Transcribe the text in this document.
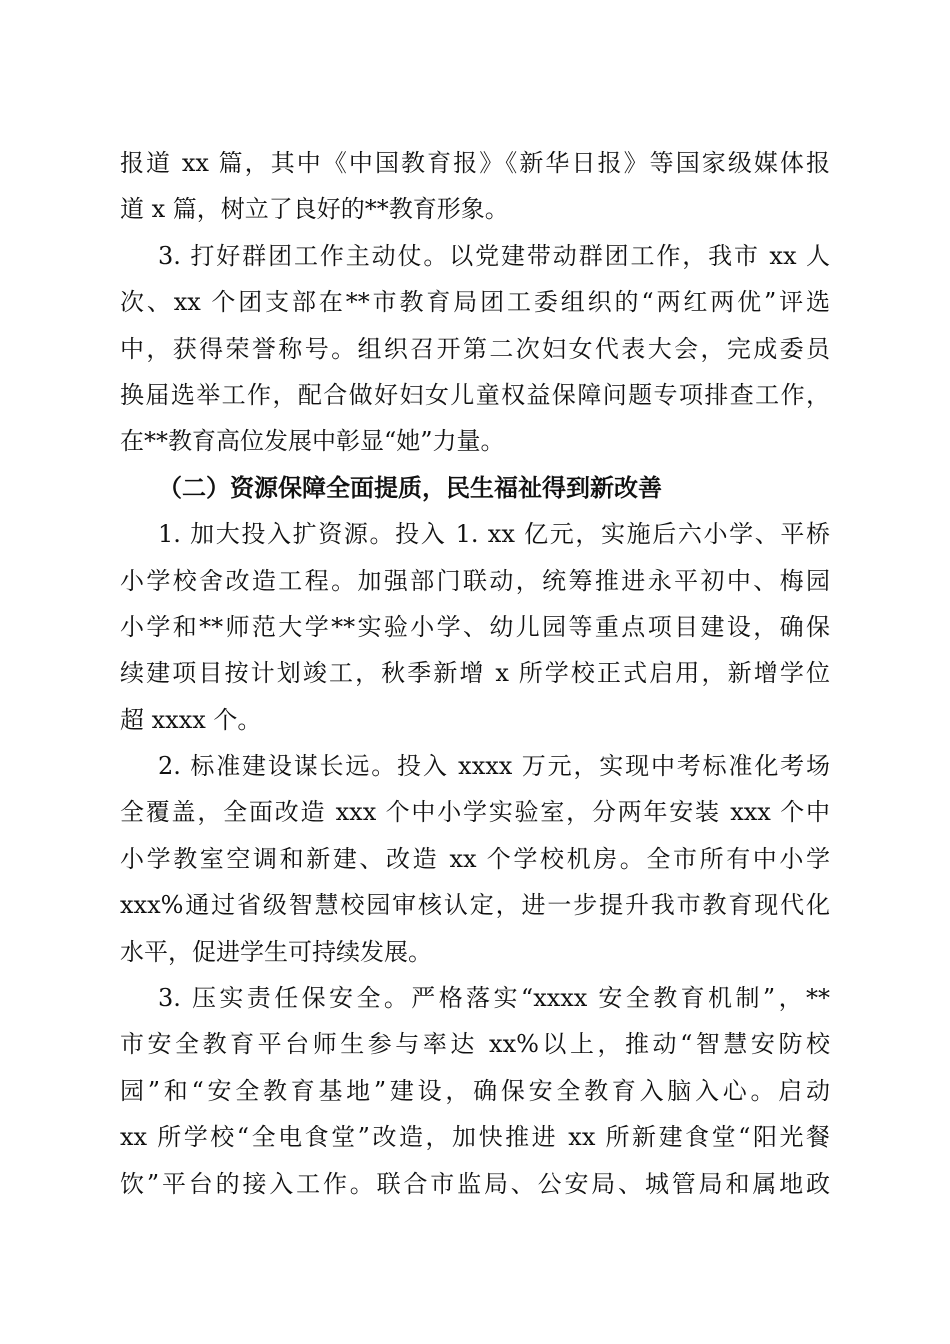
报道 xx 篇，其中《中国教育报》《新华日报》等国家级媒体报
道 x 篇，树立了良好的**教育形象。
3. 打好群团工作主动仗。以党建带动群团工作，我市 xx 人
次、xx 个团支部在**市教育局团工委组织的“两红两优”评选
中，获得荣誉称号。组织召开第二次妇女代表大会，完成委员
换届选举工作，配合做好妇女儿童权益保障问题专项排查工作，
在**教育高位发展中彰显“她”力量。
（二）资源保障全面提质，民生福祉得到新改善
1. 加大投入扩资源。投入 1. xx 亿元，实施后六小学、平桥
小学校舍改造工程。加强部门联动，统筹推进永平初中、梅园
小学和**师范大学**实验小学、幼儿园等重点项目建设，确保
续建项目按计划竣工，秋季新增 x 所学校正式启用，新增学位
超 xxxx 个。
2. 标准建设谋长远。投入 xxxx 万元，实现中考标准化考场
全覆盖，全面改造 xxx 个中小学实验室，分两年安装 xxx 个中
小学教室空调和新建、改造 xx 个学校机房。全市所有中小学
xxx%通过省级智慧校园审核认定，进一步提升我市教育现代化
水平，促进学生可持续发展。
3. 压实责任保安全。严格落实“xxxx 安全教育机制”，**
市安全教育平台师生参与率达 xx%以上，推动“智慧安防校
园”和“安全教育基地”建设，确保安全教育入脑入心。启动
xx 所学校“全电食堂”改造，加快推进 xx 所新建食堂“阳光餐
饮”平台的接入工作。联合市监局、公安局、城管局和属地政
